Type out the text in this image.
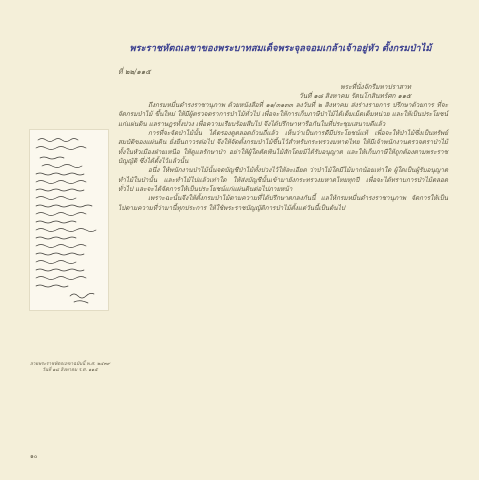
พระราชหัตถเลขาของพระบาทสมเด็จพระจุลจอมเกล้าเจ้าอยู่หัว ตั้งกรมป่าไม้
ที่ ๒๒/๑๑๕
พระที่นั่งจักรีมหาปราสาท
วันที่ ๑๘ สิงหาคม รัตนโกสินทร์ศก ๑๑๕

ถึงกรมหมื่นดำรงราชานุภาพ ด้วยหนังสือที่ ๑๑/๓๑๓๓ ลงวันที่ ๒ สิงหาคม ส่งร่างรายการ ปรึกษาด้วยการ ที่จะจัดกรมป่าไม้ ขึ้นใหม่ ให้มีผู้ตรวจตราการป่าไม้ทั่วไป เพื่อจะให้การเก็บภาษีป่าไม้ได้เต็มเม็ดเต็มหน่วย และให้เป็นประโยชน์แก่แผ่นดิน แลราษฎรทั้งปวง เพื่อความเรียบร้อยสืบไป จึงได้ปรึกษาหารือกันในที่ประชุมเสนาบดีแล้ว

การที่จะจัดป่าไม้นั้น ได้ตรองดูตลอดถ้วนถี่แล้ว เห็นว่าเป็นการดีมีประโยชน์แท้ เพื่อจะให้ป่าไม้ซึ่งเป็นทรัพย์สมบัติของแผ่นดิน ยั่งยืนถาวรต่อไป จึงให้จัดตั้งกรมป่าไม้ขึ้นไว้สำหรับกระทรวงมหาดไทย ให้มีเจ้าพนักงานตรวจตราป่าไม้ ทั้งในหัวเมืองฝ่ายเหนือ ให้ดูแลรักษาป่า อย่าให้ผู้ใดตัดฟันไม้สักโดยมิได้รับอนุญาต และให้เก็บภาษีให้ถูกต้องตามพระราชบัญญัติ ซึ่งได้ตั้งไว้แล้วนั้น

อนึ่ง ให้พนักงานป่าไม้นั้นจดบัญชีป่าไม้ทั้งปวงไว้ให้ละเอียด ว่าป่าไม้ใดมีไม้มากน้อยเท่าใด ผู้ใดเป็นผู้รับอนุญาตทำไม้ในป่านั้น และทำไม้ไปแล้วเท่าใด ให้ส่งบัญชีนั้นเข้ามายังกระทรวงมหาดไทยทุกปี เพื่อจะได้ทราบการป่าไม้ตลอดทั่วไป และจะได้จัดการให้เป็นประโยชน์แก่แผ่นดินต่อไปภายหน้า

เพราะฉะนั้นจึงให้ตั้งกรมป่าไม้ตามความที่ได้ปรึกษาตกลงกันนี้ แลให้กรมหมื่นดำรงราชานุภาพ จัดการให้เป็นไปตามความที่ว่ามานี้ทุกประการ ให้ใช้พระราชบัญญัติการป่าไม้ตั้งแต่วันนี้เป็นต้นไป

ลายพระราชหัตถเลขาฉบับนี้ พ.ศ. ๒๔๓๙ วันที่ ๑๘ สิงหาคม ร.ศ. ๑๑๕
๑๐
